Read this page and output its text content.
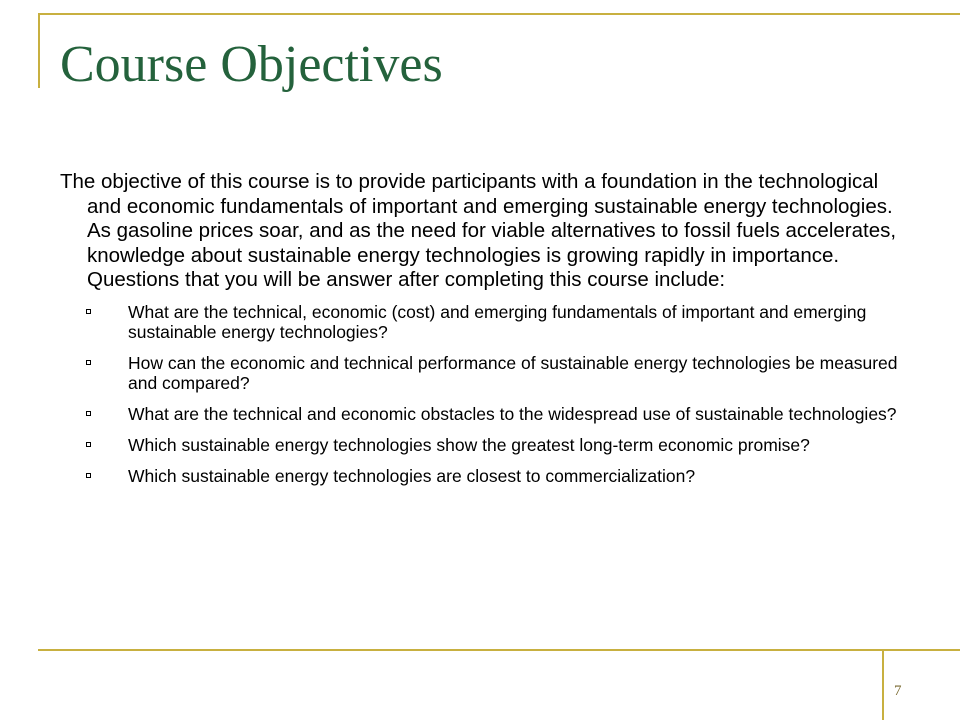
Course Objectives

The objective of this course is to provide participants with a foundation in the technological and economic fundamentals of important and emerging sustainable energy technologies. As gasoline prices soar, and as the need for viable alternatives to fossil fuels accelerates, knowledge about sustainable energy technologies is growing rapidly in importance. Questions that you will be answer after completing this course include:

What are the technical, economic (cost) and emerging fundamentals of important and emerging sustainable energy technologies?
How can the economic and technical performance of sustainable energy technologies be measured and compared?
What are the technical and economic obstacles to the widespread use of sustainable technologies?
Which sustainable energy technologies show the greatest long-term economic promise?
Which sustainable energy technologies are closest to commercialization?
7
